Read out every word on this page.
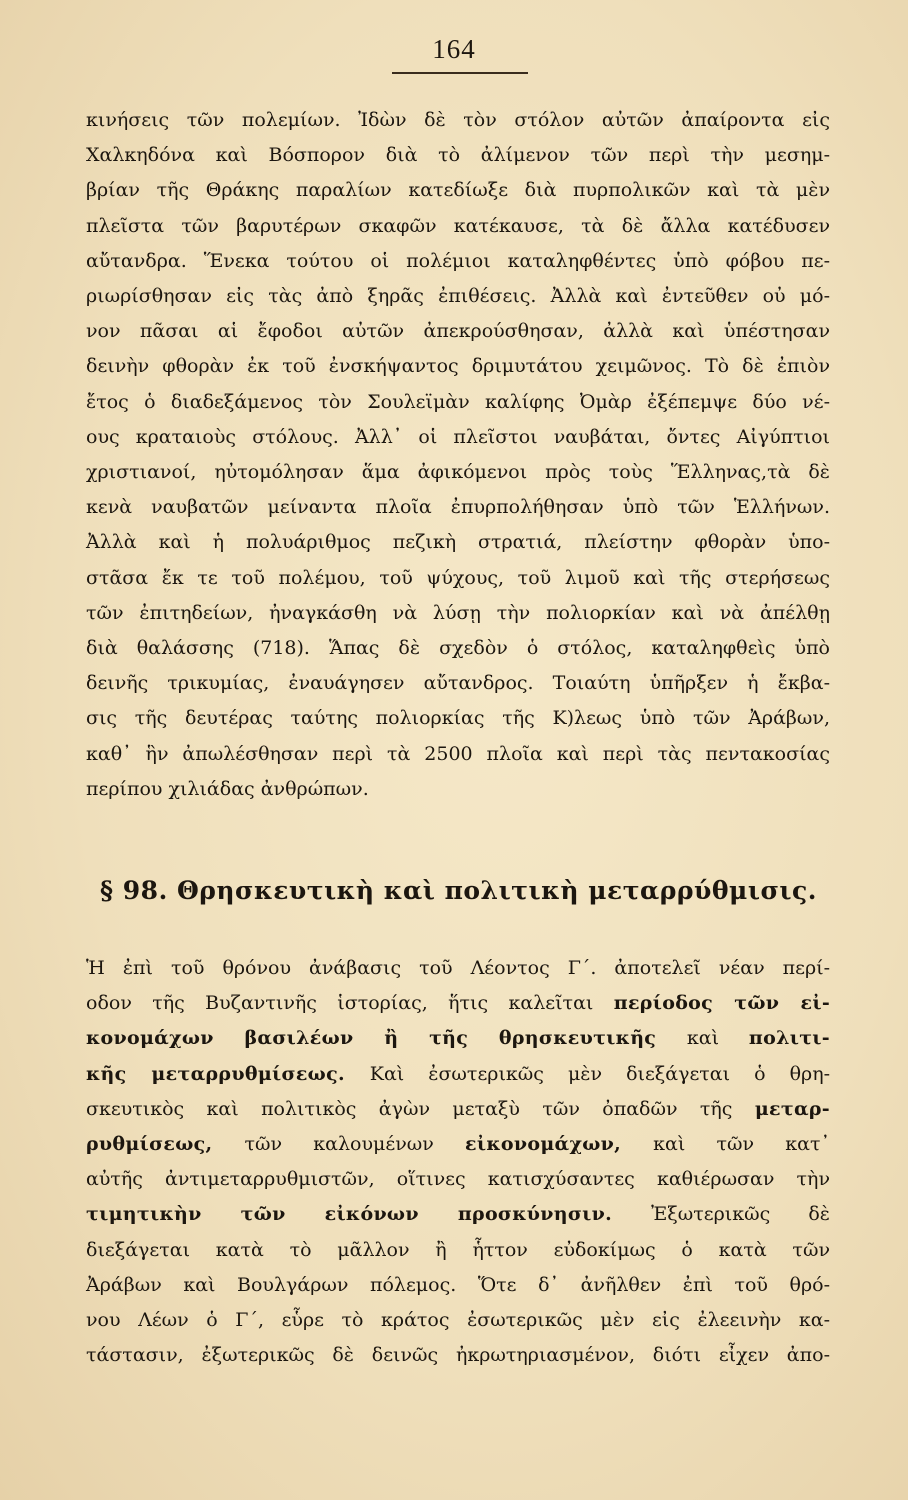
164
κινήσεις τῶν πολεμίων. Ἰδὼν δὲ τὸν στόλον αὐτῶν ἀπαίροντα εἰς
Χαλκηδόνα καὶ Βόσπορον διὰ τὸ ἀλίμενον τῶν περὶ τὴν μεσημ-
βρίαν τῆς Θράκης παραλίων κατεδίωξε διὰ πυρπολικῶν καὶ τὰ μὲν
πλεῖστα τῶν βαρυτέρων σκαφῶν κατέκαυσε, τὰ δὲ ἄλλα κατέδυσεν
αὔτανδρα. Ἕνεκα τούτου οἱ πολέμιοι καταληφθέντες ὑπὸ φόβου πε-
ριωρίσθησαν εἰς τὰς ἀπὸ ξηρᾶς ἐπιθέσεις. Ἀλλὰ καὶ ἐντεῦθεν οὐ μό-
νον πᾶσαι αἱ ἔφοδοι αὐτῶν ἀπεκρούσθησαν, ἀλλὰ καὶ ὑπέστησαν
δεινὴν φθορὰν ἐκ τοῦ ἐνσκήψαντος δριμυτάτου χειμῶνος. Τὸ δὲ ἐπιὸν
ἔτος ὁ διαδεξάμενος τὸν Σουλεϊμὰν καλίφης Ὀμὰρ ἐξέπεμψε δύο νέ-
ους κραταιοὺς στόλους. Ἀλλ᾽ οἱ πλεῖστοι ναυβάται, ὄντες Αἰγύπτιοι
χριστιανοί, ηὐτομόλησαν ἅμα ἀφικόμενοι πρὸς τοὺς Ἕλληνας,τὰ δὲ
κενὰ ναυβατῶν μείναντα πλοῖα ἐπυρπολήθησαν ὑπὸ τῶν Ἑλλήνων.
Ἀλλὰ καὶ ἡ πολυάριθμος πεζικὴ στρατιά, πλείστην φθορὰν ὑπο-
στᾶσα ἔκ τε τοῦ πολέμου, τοῦ ψύχους, τοῦ λιμοῦ καὶ τῆς στερήσεως
τῶν ἐπιτηδείων, ἠναγκάσθη νὰ λύσῃ τὴν πολιορκίαν καὶ νὰ ἀπέλθῃ
διὰ θαλάσσης (718). Ἅπας δὲ σχεδὸν ὁ στόλος, καταληφθεὶς ὑπὸ
δεινῆς τρικυμίας, ἐναυάγησεν αὔτανδρος. Τοιαύτη ὑπῆρξεν ἡ ἔκβα-
σις τῆς δευτέρας ταύτης πολιορκίας τῆς Κ)λεως ὑπὸ τῶν Ἀράβων,
καθ᾽ ἣν ἀπωλέσθησαν περὶ τὰ 2500 πλοῖα καὶ περὶ τὰς πεντακοσίας
περίπου χιλιάδας ἀνθρώπων.
§ 98. Θρησκευτικὴ καὶ πολιτικὴ μεταρρύθμισις.
Ἡ ἐπὶ τοῦ θρόνου ἀνάβασις τοῦ Λέοντος Γ΄. ἀποτελεῖ νέαν περί-
οδον τῆς Βυζαντινῆς ἱστορίας, ἥτις καλεῖται περίοδος τῶν εἰ-
κονομάχων βασιλέων ἢ τῆς θρησκευτικῆς καὶ πολιτι-
κῆς μεταρρυθμίσεως. Καὶ ἐσωτερικῶς μὲν διεξάγεται ὁ θρη-
σκευτικὸς καὶ πολιτικὸς ἀγὼν μεταξὺ τῶν ὀπαδῶν τῆς μεταρ-
ρυθμίσεως, τῶν καλουμένων εἰκονομάχων, καὶ τῶν κατ᾽
αὐτῆς ἀντιμεταρρυθμιστῶν, οἵτινες κατισχύσαντες καθιέρωσαν τὴν
τιμητικὴν τῶν εἰκόνων προσκύνησιν. Ἐξωτερικῶς δὲ
διεξάγεται κατὰ τὸ μᾶλλον ἢ ἧττον εὐδοκίμως ὁ κατὰ τῶν
Ἀράβων καὶ Βουλγάρων πόλεμος. Ὅτε δ᾽ ἀνῆλθεν ἐπὶ τοῦ θρό-
νου Λέων ὁ Γ΄, εὗρε τὸ κράτος ἐσωτερικῶς μὲν εἰς ἐλεεινὴν κα-
τάστασιν, ἐξωτερικῶς δὲ δεινῶς ἠκρωτηριασμένον, διότι εἶχεν ἀπο-
